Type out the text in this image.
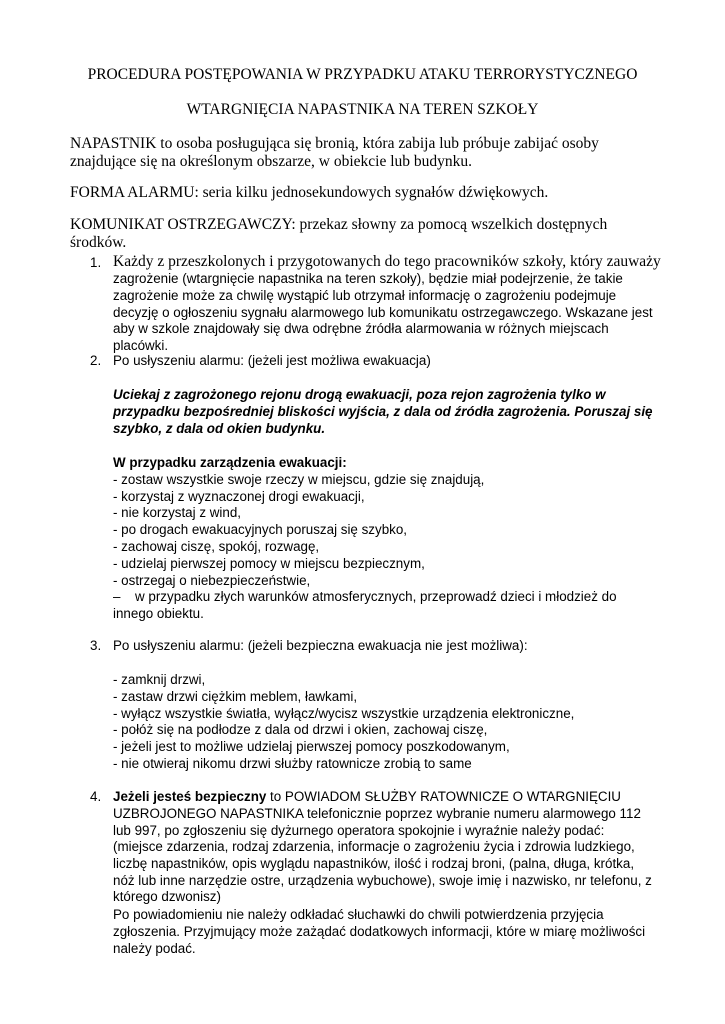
PROCEDURA POSTĘPOWANIA W PRZYPADKU ATAKU TERRORYSTYCZNEGO
WTARGNIĘCIA NAPASTNIKA NA TEREN SZKOŁY
NAPASTNIK to osoba posługująca się bronią, która zabija lub próbuje zabijać osoby znajdujące się na określonym obszarze, w obiekcie lub budynku.
FORMA ALARMU: seria kilku jednosekundowych sygnałów dźwiękowych.
KOMUNIKAT OSTRZEGAWCZY: przekaz słowny za pomocą wszelkich dostępnych środków.
1. Każdy z przeszkolonych i przygotowanych do tego pracowników szkoły, który zauważy
zagrożenie (wtargnięcie napastnika na teren szkoły), będzie miał podejrzenie, że takie zagrożenie może za chwilę wystąpić lub otrzymał informację o zagrożeniu podejmuje decyzję o ogłoszeniu sygnału alarmowego lub komunikatu ostrzegawczego. Wskazane jest aby w szkole znajdowały się dwa odrębne źródła alarmowania w różnych miejscach placówki.
2. Po usłyszeniu alarmu: (jeżeli jest możliwa ewakuacja)
Uciekaj z zagrożonego rejonu drogą ewakuacji, poza rejon zagrożenia tylko w przypadku bezpośredniej bliskości wyjścia, z dala od źródła zagrożenia. Poruszaj się szybko, z dala od okien budynku.
W przypadku zarządzenia ewakuacji:
- zostaw wszystkie swoje rzeczy w miejscu, gdzie się znajdują,
- korzystaj z wyznaczonej drogi ewakuacji,
- nie korzystaj z wind,
- po drogach ewakuacyjnych poruszaj się szybko,
- zachowaj ciszę, spokój, rozwagę,
- udzielaj pierwszej pomocy w miejscu bezpiecznym,
- ostrzegaj o niebezpieczeństwie,
– w przypadku złych warunków atmosferycznych, przeprowadź dzieci i młodzież do innego obiektu.
3. Po usłyszeniu alarmu: (jeżeli bezpieczna ewakuacja nie jest możliwa):
- zamknij drzwi,
- zastaw drzwi ciężkim meblem, ławkami,
- wyłącz wszystkie światła, wyłącz/wycisz wszystkie urządzenia elektroniczne,
- połóż się na podłodze z dala od drzwi i okien, zachowaj ciszę,
- jeżeli jest to możliwe udzielaj pierwszej pomocy poszkodowanym,
- nie otwieraj nikomu drzwi służby ratownicze zrobią to same
4. Jeżeli jesteś bezpieczny to POWIADOM SŁUŻBY RATOWNICZE O WTARGNIĘCIU UZBROJONEGO NAPASTNIKA telefonicznie poprzez wybranie numeru alarmowego 112 lub 997, po zgłoszeniu się dyżurnego operatora spokojnie i wyraźnie należy podać:
(miejsce zdarzenia, rodzaj zdarzenia, informacje o zagrożeniu życia i zdrowia ludzkiego, liczbę napastników, opis wyglądu napastników, ilość i rodzaj broni, (palna, długa, krótka, nóż lub inne narzędzie ostre, urządzenia wybuchowe), swoje imię i nazwisko, nr telefonu, z którego dzwonisz)
Po powiadomieniu nie należy odkładać słuchawki do chwili potwierdzenia przyjęcia zgłoszenia. Przyjmujący może zażądać dodatkowych informacji, które w miarę możliwości należy podać.
